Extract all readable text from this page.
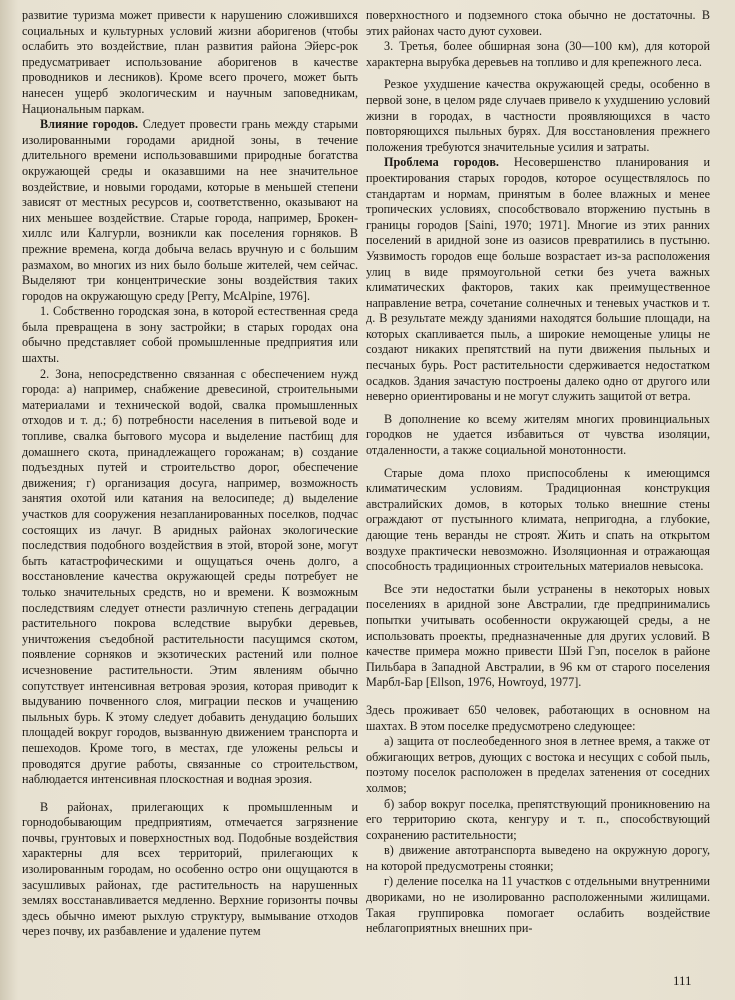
развитие туризма может привести к нарушению сложившихся социальных и культурных условий жизни аборигенов (чтобы ослабить это воздействие, план развития района Эйерс-рок предусматривает использование аборигенов в качестве проводников и лесников). Кроме всего прочего, может быть нанесен ущерб экологическим и научным заповедникам, Национальным паркам.

Влияние городов. Следует провести грань между старыми изолированными городами аридной зоны, в течение длительного времени использовавшими природные богатства окружающей среды и оказавшими на нее значительное воздействие, и новыми городами, которые в меньшей степени зависят от местных ресурсов и, соответственно, оказывают на них меньшее воздействие. Старые города, например, Брокен-хиллс или Калгурли, возникли как поселения горняков. В прежние времена, когда добыча велась вручную и с большим размахом, во многих из них было больше жителей, чем сейчас. Выделяют три концентрические зоны воздействия таких городов на окружающую среду [Perry, McAlpine, 1976].

1. Собственно городская зона, в которой естественная среда была превращена в зону застройки; в старых городах она обычно представляет собой промышленные предприятия или шахты.

2. Зона, непосредственно связанная с обеспечением нужд города: а) например, снабжение древесиной, строительными материалами и технической водой, свалка промышленных отходов и т. д.; б) потребности населения в питьевой воде и топливе, свалка бытового мусора и выделение пастбищ для домашнего скота, принадлежащего горожанам; в) создание подъездных путей и строительство дорог, обеспечение движения; г) организация досуга, например, возможность занятия охотой или катания на велосипеде; д) выделение участков для сооружения незапланированных поселков, подчас состоящих из лачуг. В аридных районах экологические последствия подобного воздействия в этой, второй зоне, могут быть катастрофическими и ощущаться очень долго, а восстановление качества окружающей среды потребует не только значительных средств, но и времени. К возможным последствиям следует отнести различную степень деградации растительного покрова вследствие вырубки деревьев, уничтожения съедобной растительности пасущимся скотом, появление сорняков и экзотических растений или полное исчезновение растительности. Этим явлениям обычно сопутствует интенсивная ветровая эрозия, которая приводит к выдуванию почвенного слоя, миграции песков и учащению пыльных бурь. К этому следует добавить денудацию больших площадей вокруг городов, вызванную движением транспорта и пешеходов. Кроме того, в местах, где уложены рельсы и проводятся другие работы, связанные со строительством, наблюдается интенсивная плоскостная и водная эрозия.

В районах, прилегающих к промышленным и горнодобывающим предприятиям, отмечается загрязнение почвы, грунтовых и поверхностных вод. Подобные воздействия характерны для всех территорий, прилегающих к изолированным городам, но особенно остро они ощущаются в засушливых районах, где растительность на нарушенных землях восстанавливается медленно. Верхние горизонты почвы здесь обычно имеют рыхлую структуру, вымывание отходов через почву, их разбавление и удаление путем

поверхностного и подземного стока обычно не достаточны. В этих районах часто дуют суховеи.

3. Третья, более обширная зона (30—100 км), для которой характерна вырубка деревьев на топливо и для крепежного леса.

Резкое ухудшение качества окружающей среды, особенно в первой зоне, в целом ряде случаев привело к ухудшению условий жизни в городах, в частности проявляющихся в часто повторяющихся пыльных бурях. Для восстановления прежнего положения требуются значительные усилия и затраты.

Проблема городов. Несовершенство планирования и проектирования старых городов, которое осуществлялось по стандартам и нормам, принятым в более влажных и менее тропических условиях, способствовало вторжению пустынь в границы городов [Saini, 1970; 1971]. Многие из этих ранних поселений в аридной зоне из оазисов превратились в пустыню. Уязвимость городов еще больше возрастает из-за расположения улиц в виде прямоугольной сетки без учета важных климатических факторов, таких как преимущественное направление ветра, сочетание солнечных и теневых участков и т. д. В результате между зданиями находятся большие площади, на которых скапливается пыль, а широкие немощеные улицы не создают никаких препятствий на пути движения пыльных и песчаных бурь. Рост растительности сдерживается недостатком осадков. Здания зачастую построены далеко одно от другого или неверно ориентированы и не могут служить защитой от ветра.

В дополнение ко всему жителям многих провинциальных городков не удается избавиться от чувства изоляции, отдаленности, а также социальной монотонности.

Старые дома плохо приспособлены к имеющимся климатическим условиям. Традиционная конструкция австралийских домов, в которых только внешние стены ограждают от пустынного климата, непригодна, а глубокие, дающие тень веранды не строят. Жить и спать на открытом воздухе практически невозможно. Изоляционная и отражающая способность традиционных строительных материалов невысока.

Все эти недостатки были устранены в некоторых новых поселениях в аридной зоне Австралии, где предпринимались попытки учитывать особенности окружающей среды, а не использовать проекты, предназначенные для других условий. В качестве примера можно привести Шэй Гэп, поселок в районе Пильбара в Западной Австралии, в 96 км от старого поселения Марбл-Бар [Ellson, 1976, Howroyd, 1977].

Здесь проживает 650 человек, работающих в основном на шахтах. В этом поселке предусмотрено следующее:

а) защита от послеобеденного зноя в летнее время, а также от обжигающих ветров, дующих с востока и несущих с собой пыль, поэтому поселок расположен в пределах затенения от соседних холмов;

б) забор вокруг поселка, препятствующий проникновению на его территорию скота, кенгуру и т. п., способствующий сохранению растительности;

в) движение автотранспорта выведено на окружную дорогу, на которой предусмотрены стоянки;

г) деление поселка на 11 участков с отдельными внутренними двориками, но не изолированно расположенными жилищами. Такая группировка помогает ослабить воздействие неблагоприятных внешних при-

111
